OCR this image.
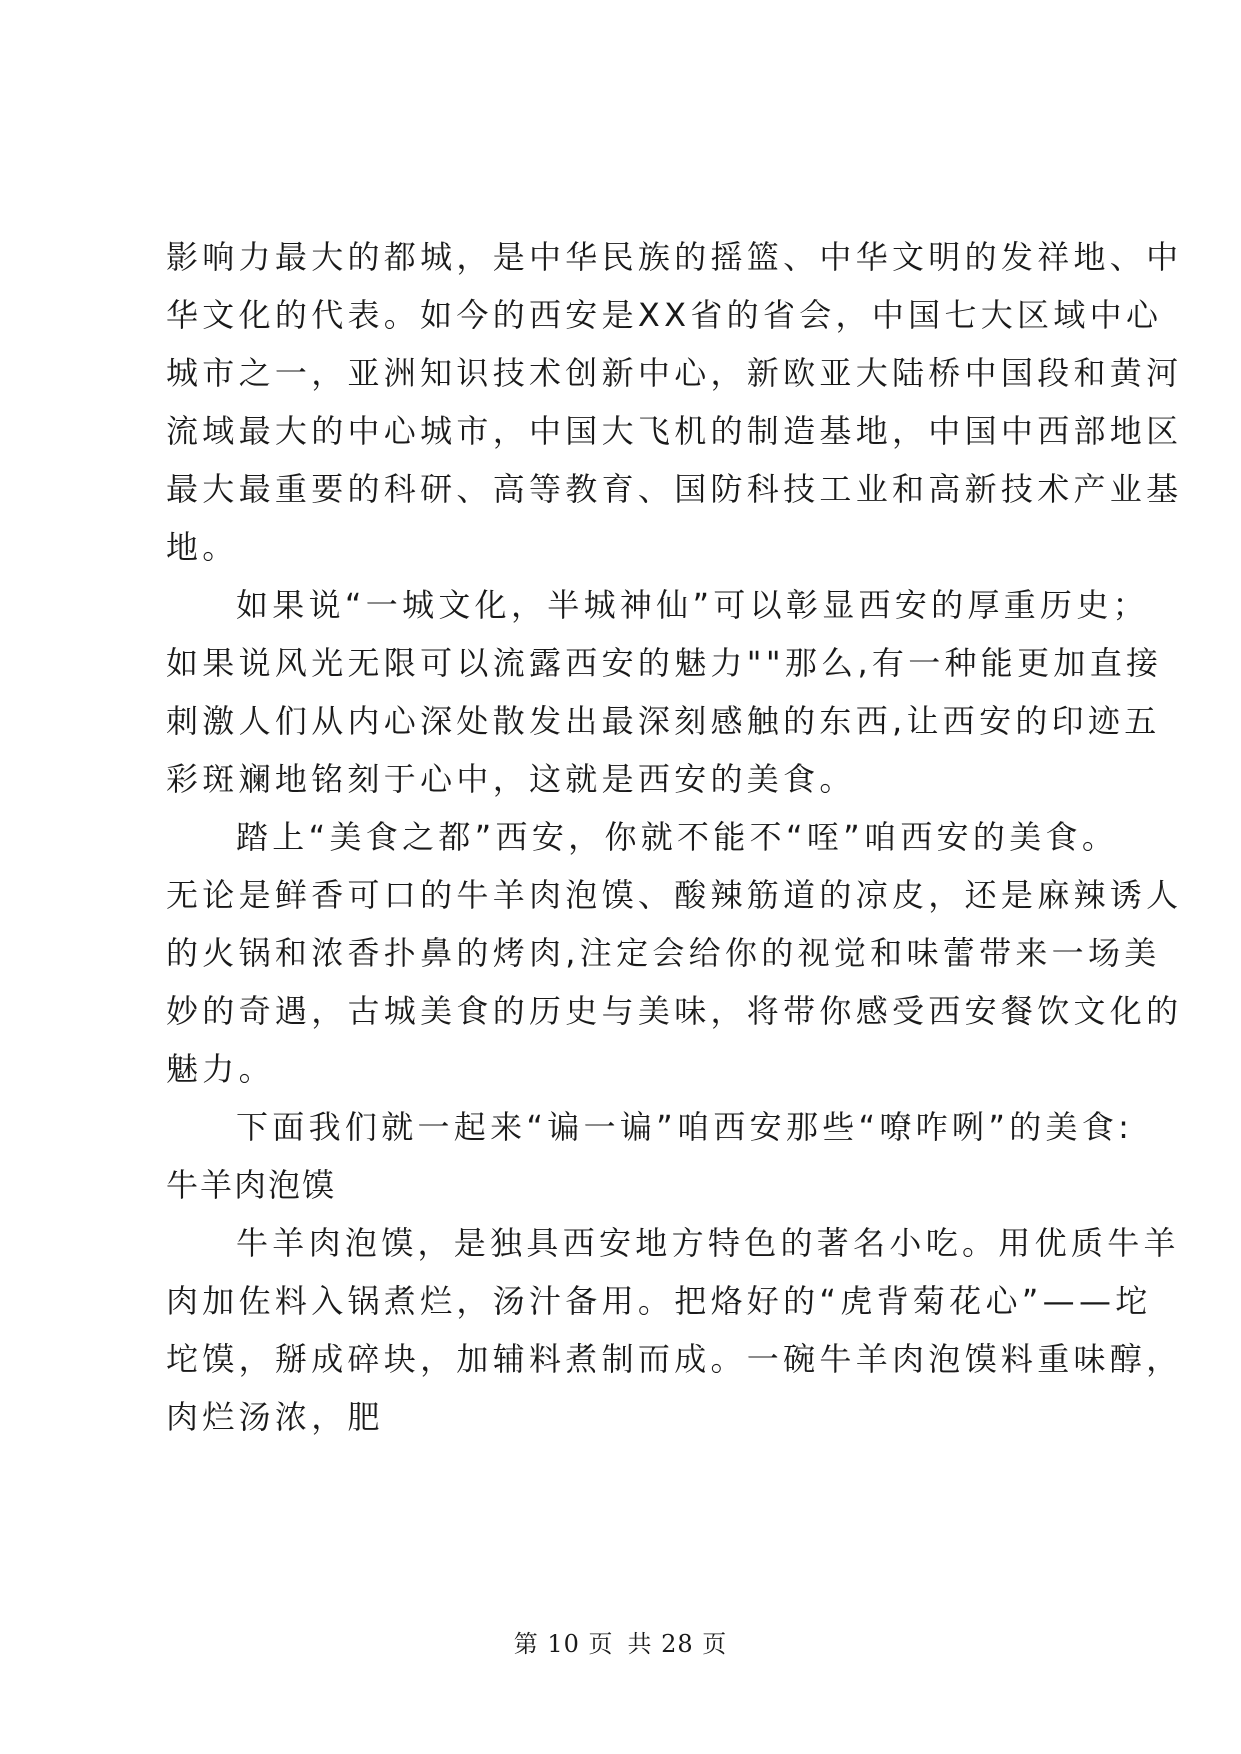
影响力最大的都城，是中华民族的摇篮、中华文明的发祥地、中
华文化的代表。如今的西安是XX省的省会，中国七大区域中心
城市之一，亚洲知识技术创新中心，新欧亚大陆桥中国段和黄河
流域最大的中心城市，中国大飞机的制造基地，中国中西部地区
最大最重要的科研、高等教育、国防科技工业和高新技术产业基
地。
如果说“一城文化，半城神仙”可以彰显西安的厚重历史；
如果说风光无限可以流露西安的魅力""那么,有一种能更加直接
刺激人们从内心深处散发出最深刻感触的东西,让西安的印迹五
彩斑斓地铭刻于心中，这就是西安的美食。
踏上“美食之都”西安，你就不能不“咥”咱西安的美食。
无论是鲜香可口的牛羊肉泡馍、酸辣筋道的凉皮，还是麻辣诱人
的火锅和浓香扑鼻的烤肉,注定会给你的视觉和味蕾带来一场美
妙的奇遇，古城美食的历史与美味，将带你感受西安餐饮文化的
魅力。
下面我们就一起来“谝一谝”咱西安那些“嘹咋咧”的美食:
牛羊肉泡馍
牛羊肉泡馍，是独具西安地方特色的著名小吃。用优质牛羊
肉加佐料入锅煮烂，汤汁备用。把烙好的“虎背菊花心”——坨
坨馍，掰成碎块，加辅料煮制而成。一碗牛羊肉泡馍料重味醇，
肉烂汤浓，肥
第 10 页 共 28 页
